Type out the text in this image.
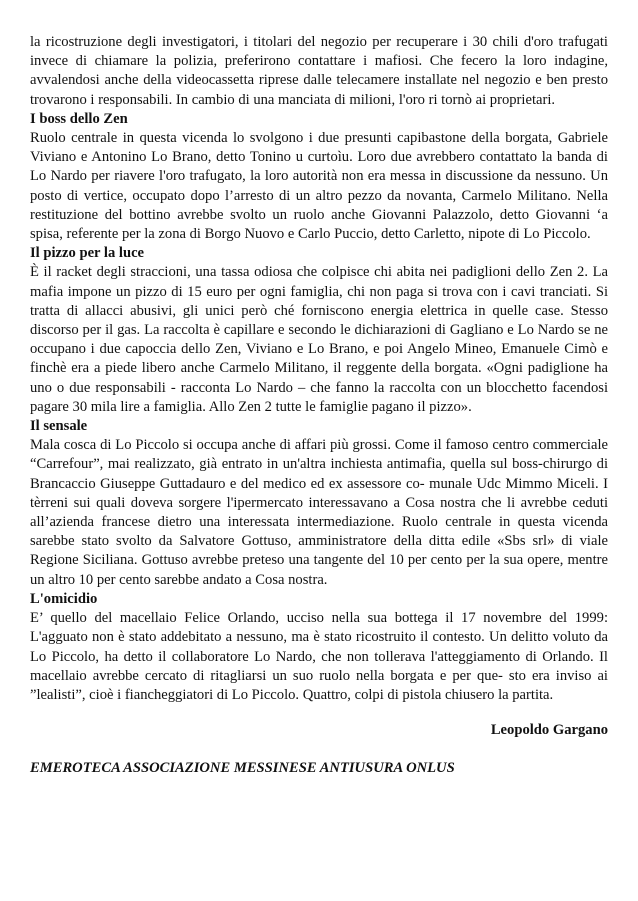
la ricostruzione degli investigatori, i titolari del negozio per recuperare i 30 chili d'oro trafugati invece di chiamare la polizia, preferirono contattare i mafiosi. Che fecero la loro indagine, avvalendosi anche della videocassetta riprese dalle telecamere installate nel negozio e ben presto trovarono i responsabili. In cambio di una manciata di milioni, l'oro ri tornò ai proprietari.

I boss dello Zen

Ruolo centrale in questa vicenda lo svolgono i due presunti capibastone della borgata, Gabriele Viviano e Antonino Lo Brano, detto Tonino u curtoìu. Loro due avrebbero contattato la banda di Lo Nardo per riavere l'oro trafugato, la loro autorità non era messa in discussione da nessuno. Un posto di vertice, occupato dopo l’arresto di un altro pezzo da novanta, Carmelo Militano. Nella restituzione del bottino avrebbe svolto un ruolo anche Giovanni Palazzolo, detto Giovanni ‘a spisa, referente per la zona di Borgo Nuovo e Carlo Puccio, detto Carletto, nipote di Lo Piccolo.

Il pizzo per la luce

È il racket degli straccioni, una tassa odiosa che colpisce chi abita nei padiglioni dello Zen 2. La mafia impone un pizzo di 15 euro per ogni famiglia, chi non paga si trova con i cavi tranciati. Si tratta di allacci abusivi, gli unici però ché forniscono energia elettrica in quelle case. Stesso discorso per il gas. La raccolta è capillare e secondo le dichiarazioni di Gagliano e Lo Nardo se ne occupano i due capoccia dello Zen, Viviano e Lo Brano, e poi Angelo Mineo, Emanuele Cimò e finchè era a piede libero anche Carmelo Militano, il reggente della borgata. «Ogni padiglione ha uno o due responsabili - racconta Lo Nardo – che fanno la raccolta con un blocchetto facendosi pagare 30 mila lire a famiglia. Allo Zen 2 tutte le famiglie pagano il pizzo».

Il sensale

Mala cosca di Lo Piccolo si occupa anche di affari più grossi. Come il famoso centro commerciale “Carrefour”, mai realizzato, già entrato in un'altra inchiesta antimafia, quella sul boss-chirurgo di Brancaccio Giuseppe Guttadauro e del medico ed ex assessore co- munale Udc Mimmo Miceli. I tèrreni sui quali doveva sorgere l'ipermercato interessavano a Cosa nostra che li avrebbe ceduti all’azienda francese dietro una interessata intermediazione. Ruolo centrale in questa vicenda sarebbe stato svolto da Salvatore Gottuso, amministratore della ditta edile «Sbs srl» di viale Regione Siciliana. Gottuso avrebbe preteso una tangente del 10 per cento per la sua opere, mentre un altro 10 per cento sarebbe andato a Cosa nostra.

L'omicidio

E’ quello del macellaio Felice Orlando, ucciso nella sua bottega il 17 novembre del 1999: L'agguato non è stato addebitato a nessuno, ma è stato ricostruito il contesto. Un delitto voluto da Lo Piccolo, ha detto il collaboratore Lo Nardo, che non tollerava l'atteggiamento di Orlando. Il macellaio avrebbe cercato di ritagliarsi un suo ruolo nella borgata e per que- sto era inviso ai ”lealisti”, cioè i fiancheggiatori di Lo Piccolo. Quattro, colpi di pistola chiusero la partita.

Leopoldo Gargano

EMEROTECA ASSOCIAZIONE MESSINESE ANTIUSURA ONLUS
